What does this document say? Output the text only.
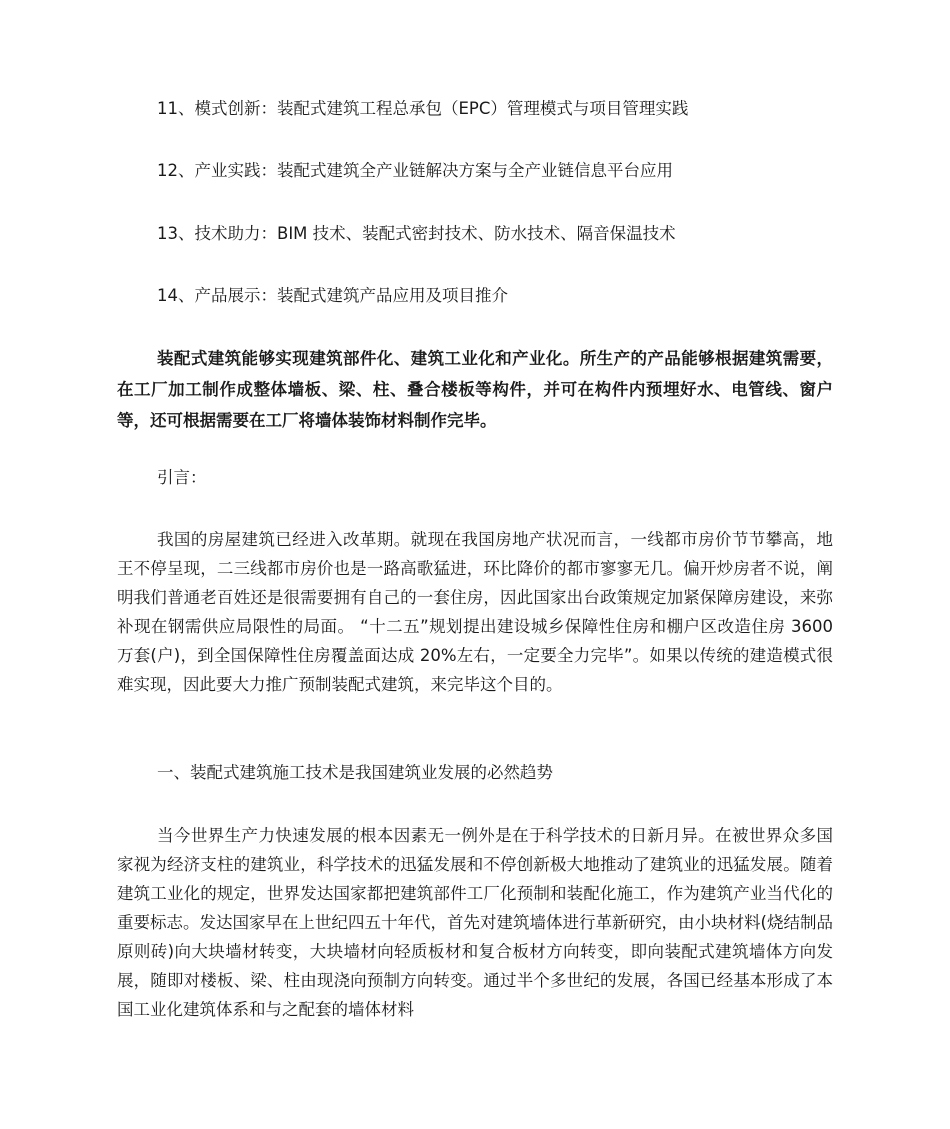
11、模式创新：装配式建筑工程总承包（EPC）管理模式与项目管理实践
12、产业实践：装配式建筑全产业链解决方案与全产业链信息平台应用
13、技术助力：BIM 技术、装配式密封技术、防水技术、隔音保温技术
14、产品展示：装配式建筑产品应用及项目推介

装配式建筑能够实现建筑部件化、建筑工业化和产业化。所生产的产品能够根据建筑需要，在工厂加工制作成整体墙板、梁、柱、叠合楼板等构件，并可在构件内预埋好水、电管线、窗户等，还可根据需要在工厂将墙体装饰材料制作完毕。

引言：

我国的房屋建筑已经进入改革期。就现在我国房地产状况而言，一线都市房价节节攀高，地王不停呈现，二三线都市房价也是一路高歌猛进，环比降价的都市寥寥无几。偏开炒房者不说，阐明我们普通老百姓还是很需要拥有自己的一套住房，因此国家出台政策规定加紧保障房建设，来弥补现在钢需供应局限性的局面。 “十二五”规划提出建设城乡保障性住房和棚户区改造住房 3600 万套(户)，到全国保障性住房覆盖面达成 20%左右，一定要全力完毕”。如果以传统的建造模式很难实现，因此要大力推广预制装配式建筑，来完毕这个目的。

一、装配式建筑施工技术是我国建筑业发展的必然趋势

当今世界生产力快速发展的根本因素无一例外是在于科学技术的日新月异。在被世界众多国家视为经济支柱的建筑业，科学技术的迅猛发展和不停创新极大地推动了建筑业的迅猛发展。随着建筑工业化的规定，世界发达国家都把建筑部件工厂化预制和装配化施工，作为建筑产业当代化的重要标志。发达国家早在上世纪四五十年代，首先对建筑墙体进行革新研究，由小块材料(烧结制品原则砖)向大块墙材转变，大块墙材向轻质板材和复合板材方向转变，即向装配式建筑墙体方向发展，随即对楼板、梁、柱由现浇向预制方向转变。通过半个多世纪的发展，各国已经基本形成了本国工业化建筑体系和与之配套的墙体材料
